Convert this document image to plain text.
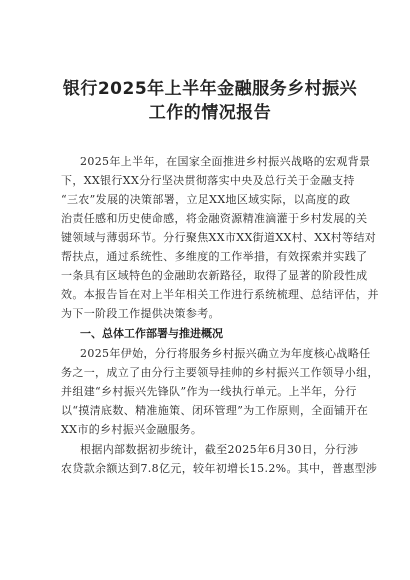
银行2025年上半年金融服务乡村振兴
工作的情况报告
2025年上半年，在国家全面推进乡村振兴战略的宏观背景
下，XX银行XX分行坚决贯彻落实中央及总行关于金融支持
“三农”发展的决策部署，立足XX地区域实际，以高度的政
治责任感和历史使命感，将金融资源精准滴灌于乡村发展的关
键领域与薄弱环节。分行聚焦XX市XX街道XX村、XX村等结对
帮扶点，通过系统性、多维度的工作举措，有效探索并实践了
一条具有区域特色的金融助农新路径，取得了显著的阶段性成
效。本报告旨在对上半年相关工作进行系统梳理、总结评估，并
为下一阶段工作提供决策参考。
一、总体工作部署与推进概况
2025年伊始，分行将服务乡村振兴确立为年度核心战略任
务之一，成立了由分行主要领导挂帅的乡村振兴工作领导小组，
并组建“乡村振兴先锋队”作为一线执行单元。上半年，分行
以“摸清底数、精准施策、闭环管理”为工作原则，全面铺开在
XX市的乡村振兴金融服务。
根据内部数据初步统计，截至2025年6月30日，分行涉
农贷款余额达到7.8亿元，较年初增长15.2%。其中，普惠型涉
